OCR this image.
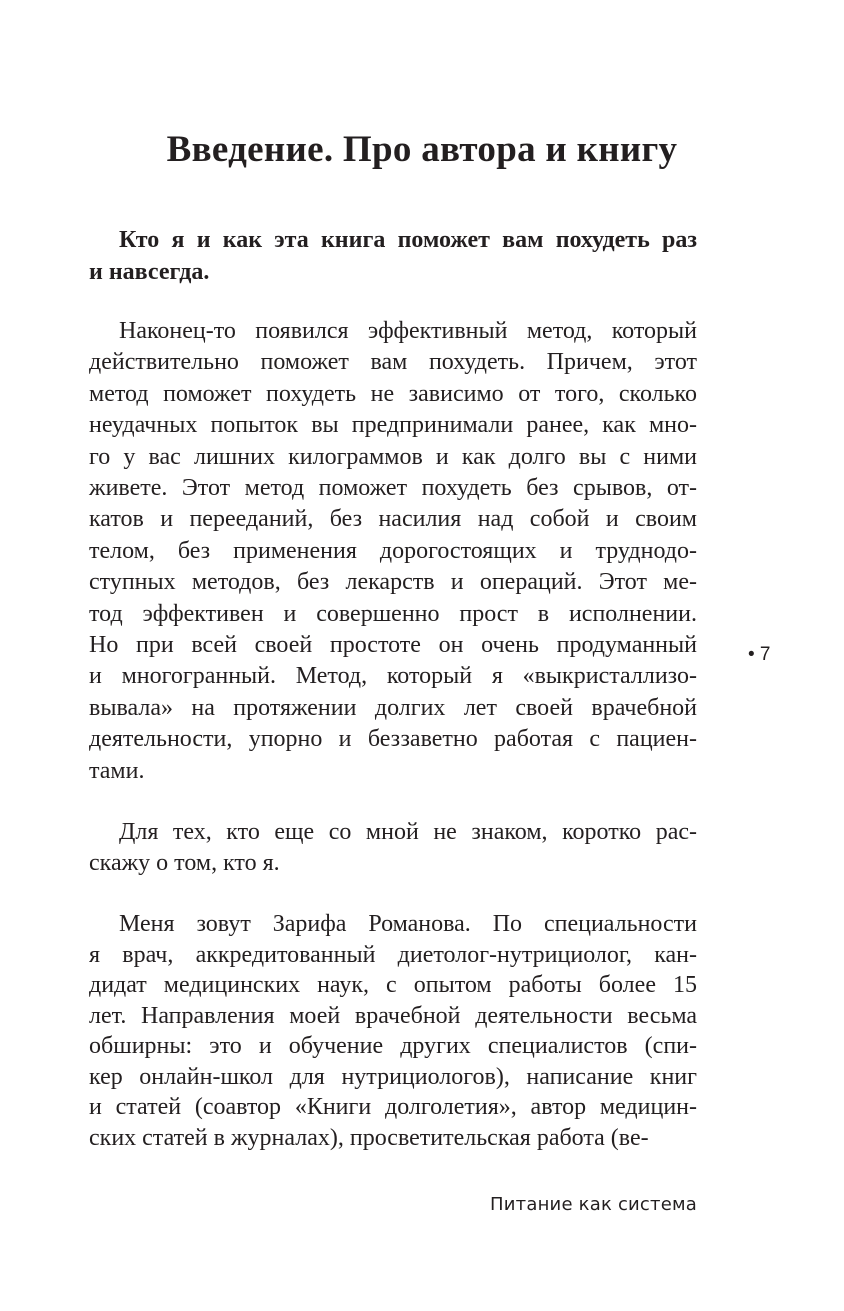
Введение. Про автора и книгу
Кто я и как эта книга поможет вам похудеть раз
и навсегда.
Наконец-то появился эффективный метод, который
действительно поможет вам похудеть. Причем, этот
метод поможет похудеть не зависимо от того, сколько
неудачных попыток вы предпринимали ранее, как мно-
го у вас лишних килограммов и как долго вы с ними
живете. Этот метод поможет похудеть без срывов, от-
катов и перееданий, без насилия над собой и своим
телом, без применения дорогостоящих и труднодо-
ступных методов, без лекарств и операций. Этот ме-
тод эффективен и совершенно прост в исполнении.
Но при всей своей простоте он очень продуманный
и многогранный. Метод, который я «выкристаллизо-
вывала» на протяжении долгих лет своей врачебной
деятельности, упорно и беззаветно работая с пациен-
тами.
Для тех, кто еще со мной не знаком, коротко рас-
скажу о том, кто я.
Меня зовут Зарифа Романова. По специальности
я врач, аккредитованный диетолог-нутрициолог, кан-
дидат медицинских наук, с опытом работы более 15
лет. Направления моей врачебной деятельности весьма
обширны: это и обучение других специалистов (спи-
кер онлайн-школ для нутрициологов), написание книг
и статей (соавтор «Книги долголетия», автор медицин-
ских статей в журналах), просветительская работа (ве-
• 7
Питание как система
